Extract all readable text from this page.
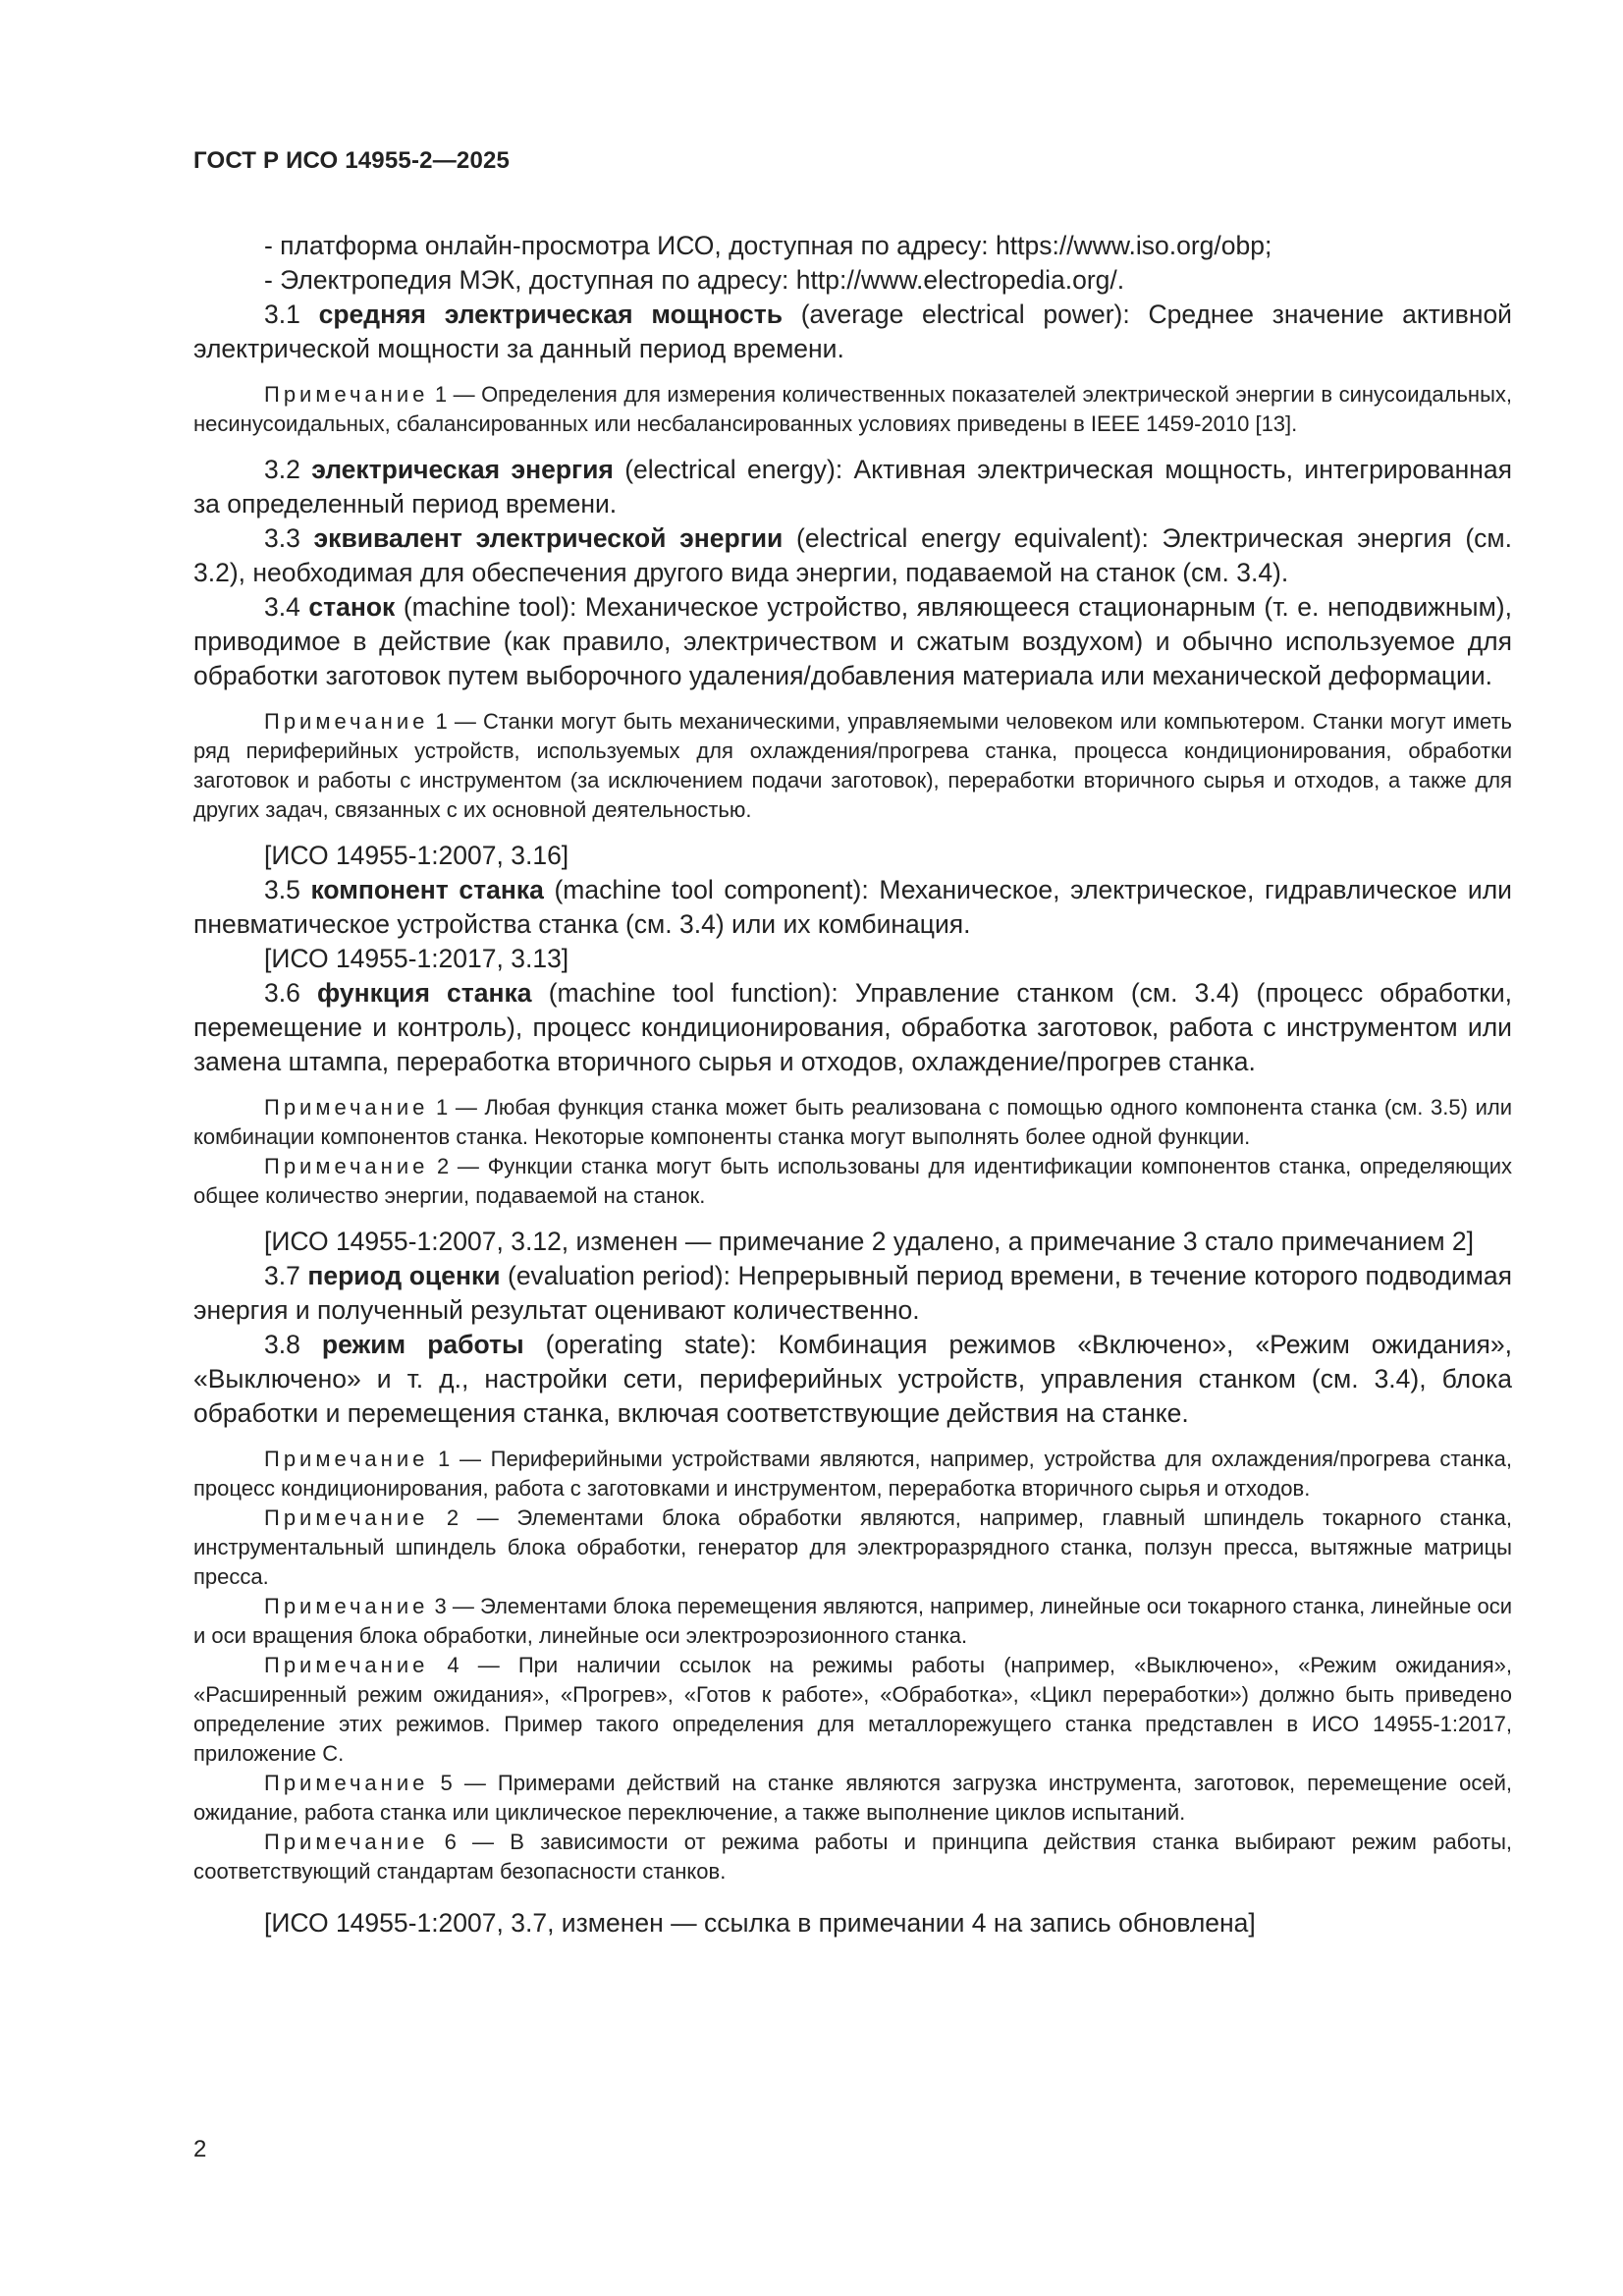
ГОСТ Р ИСО 14955-2—2025

- платформа онлайн-просмотра ИСО, доступная по адресу: https://www.iso.org/obp;

- Электропедия МЭК, доступная по адресу: http://www.electropedia.org/.

3.1 средняя электрическая мощность (average electrical power): Среднее значение активной электрической мощности за данный период времени.

Примечание 1 — Определения для измерения количественных показателей электрической энергии в синусоидальных, несинусоидальных, сбалансированных или несбалансированных условиях приведены в IEEE 1459-2010 [13].

3.2 электрическая энергия (electrical energy): Активная электрическая мощность, интегрированная за определенный период времени.

3.3 эквивалент электрической энергии (electrical energy equivalent): Электрическая энергия (см. 3.2), необходимая для обеспечения другого вида энергии, подаваемой на станок (см. 3.4).

3.4 станок (machine tool): Механическое устройство, являющееся стационарным (т. е. неподвижным), приводимое в действие (как правило, электричеством и сжатым воздухом) и обычно используемое для обработки заготовок путем выборочного удаления/добавления материала или механической деформации.

Примечание 1 — Станки могут быть механическими, управляемыми человеком или компьютером. Станки могут иметь ряд периферийных устройств, используемых для охлаждения/прогрева станка, процесса кондиционирования, обработки заготовок и работы с инструментом (за исключением подачи заготовок), переработки вторичного сырья и отходов, а также для других задач, связанных с их основной деятельностью.

[ИСО 14955-1:2007, 3.16]

3.5 компонент станка (machine tool component): Механическое, электрическое, гидравлическое или пневматическое устройства станка (см. 3.4) или их комбинация.

[ИСО 14955-1:2017, 3.13]

3.6 функция станка (machine tool function): Управление станком (см. 3.4) (процесс обработки, перемещение и контроль), процесс кондиционирования, обработка заготовок, работа с инструментом или замена штампа, переработка вторичного сырья и отходов, охлаждение/прогрев станка.

Примечание 1 — Любая функция станка может быть реализована с помощью одного компонента станка (см. 3.5) или комбинации компонентов станка. Некоторые компоненты станка могут выполнять более одной функции.

Примечание 2 — Функции станка могут быть использованы для идентификации компонентов станка, определяющих общее количество энергии, подаваемой на станок.

[ИСО 14955-1:2007, 3.12, изменен — примечание 2 удалено, а примечание 3 стало примечанием 2]

3.7 период оценки (evaluation period): Непрерывный период времени, в течение которого подводимая энергия и полученный результат оценивают количественно.

3.8 режим работы (operating state): Комбинация режимов «Включено», «Режим ожидания», «Выключено» и т. д., настройки сети, периферийных устройств, управления станком (см. 3.4), блока обработки и перемещения станка, включая соответствующие действия на станке.

Примечание 1 — Периферийными устройствами являются, например, устройства для охлаждения/прогрева станка, процесс кондиционирования, работа с заготовками и инструментом, переработка вторичного сырья и отходов.

Примечание 2 — Элементами блока обработки являются, например, главный шпиндель токарного станка, инструментальный шпиндель блока обработки, генератор для электроразрядного станка, ползун пресса, вытяжные матрицы пресса.

Примечание 3 — Элементами блока перемещения являются, например, линейные оси токарного станка, линейные оси и оси вращения блока обработки, линейные оси электроэрозионного станка.

Примечание 4 — При наличии ссылок на режимы работы (например, «Выключено», «Режим ожидания», «Расширенный режим ожидания», «Прогрев», «Готов к работе», «Обработка», «Цикл переработки») должно быть приведено определение этих режимов. Пример такого определения для металлорежущего станка представлен в ИСО 14955-1:2017, приложение С.

Примечание 5 — Примерами действий на станке являются загрузка инструмента, заготовок, перемещение осей, ожидание, работа станка или циклическое переключение, а также выполнение циклов испытаний.

Примечание 6 — В зависимости от режима работы и принципа действия станка выбирают режим работы, соответствующий стандартам безопасности станков.

[ИСО 14955-1:2007, 3.7, изменен — ссылка в примечании 4 на запись обновлена]

2
